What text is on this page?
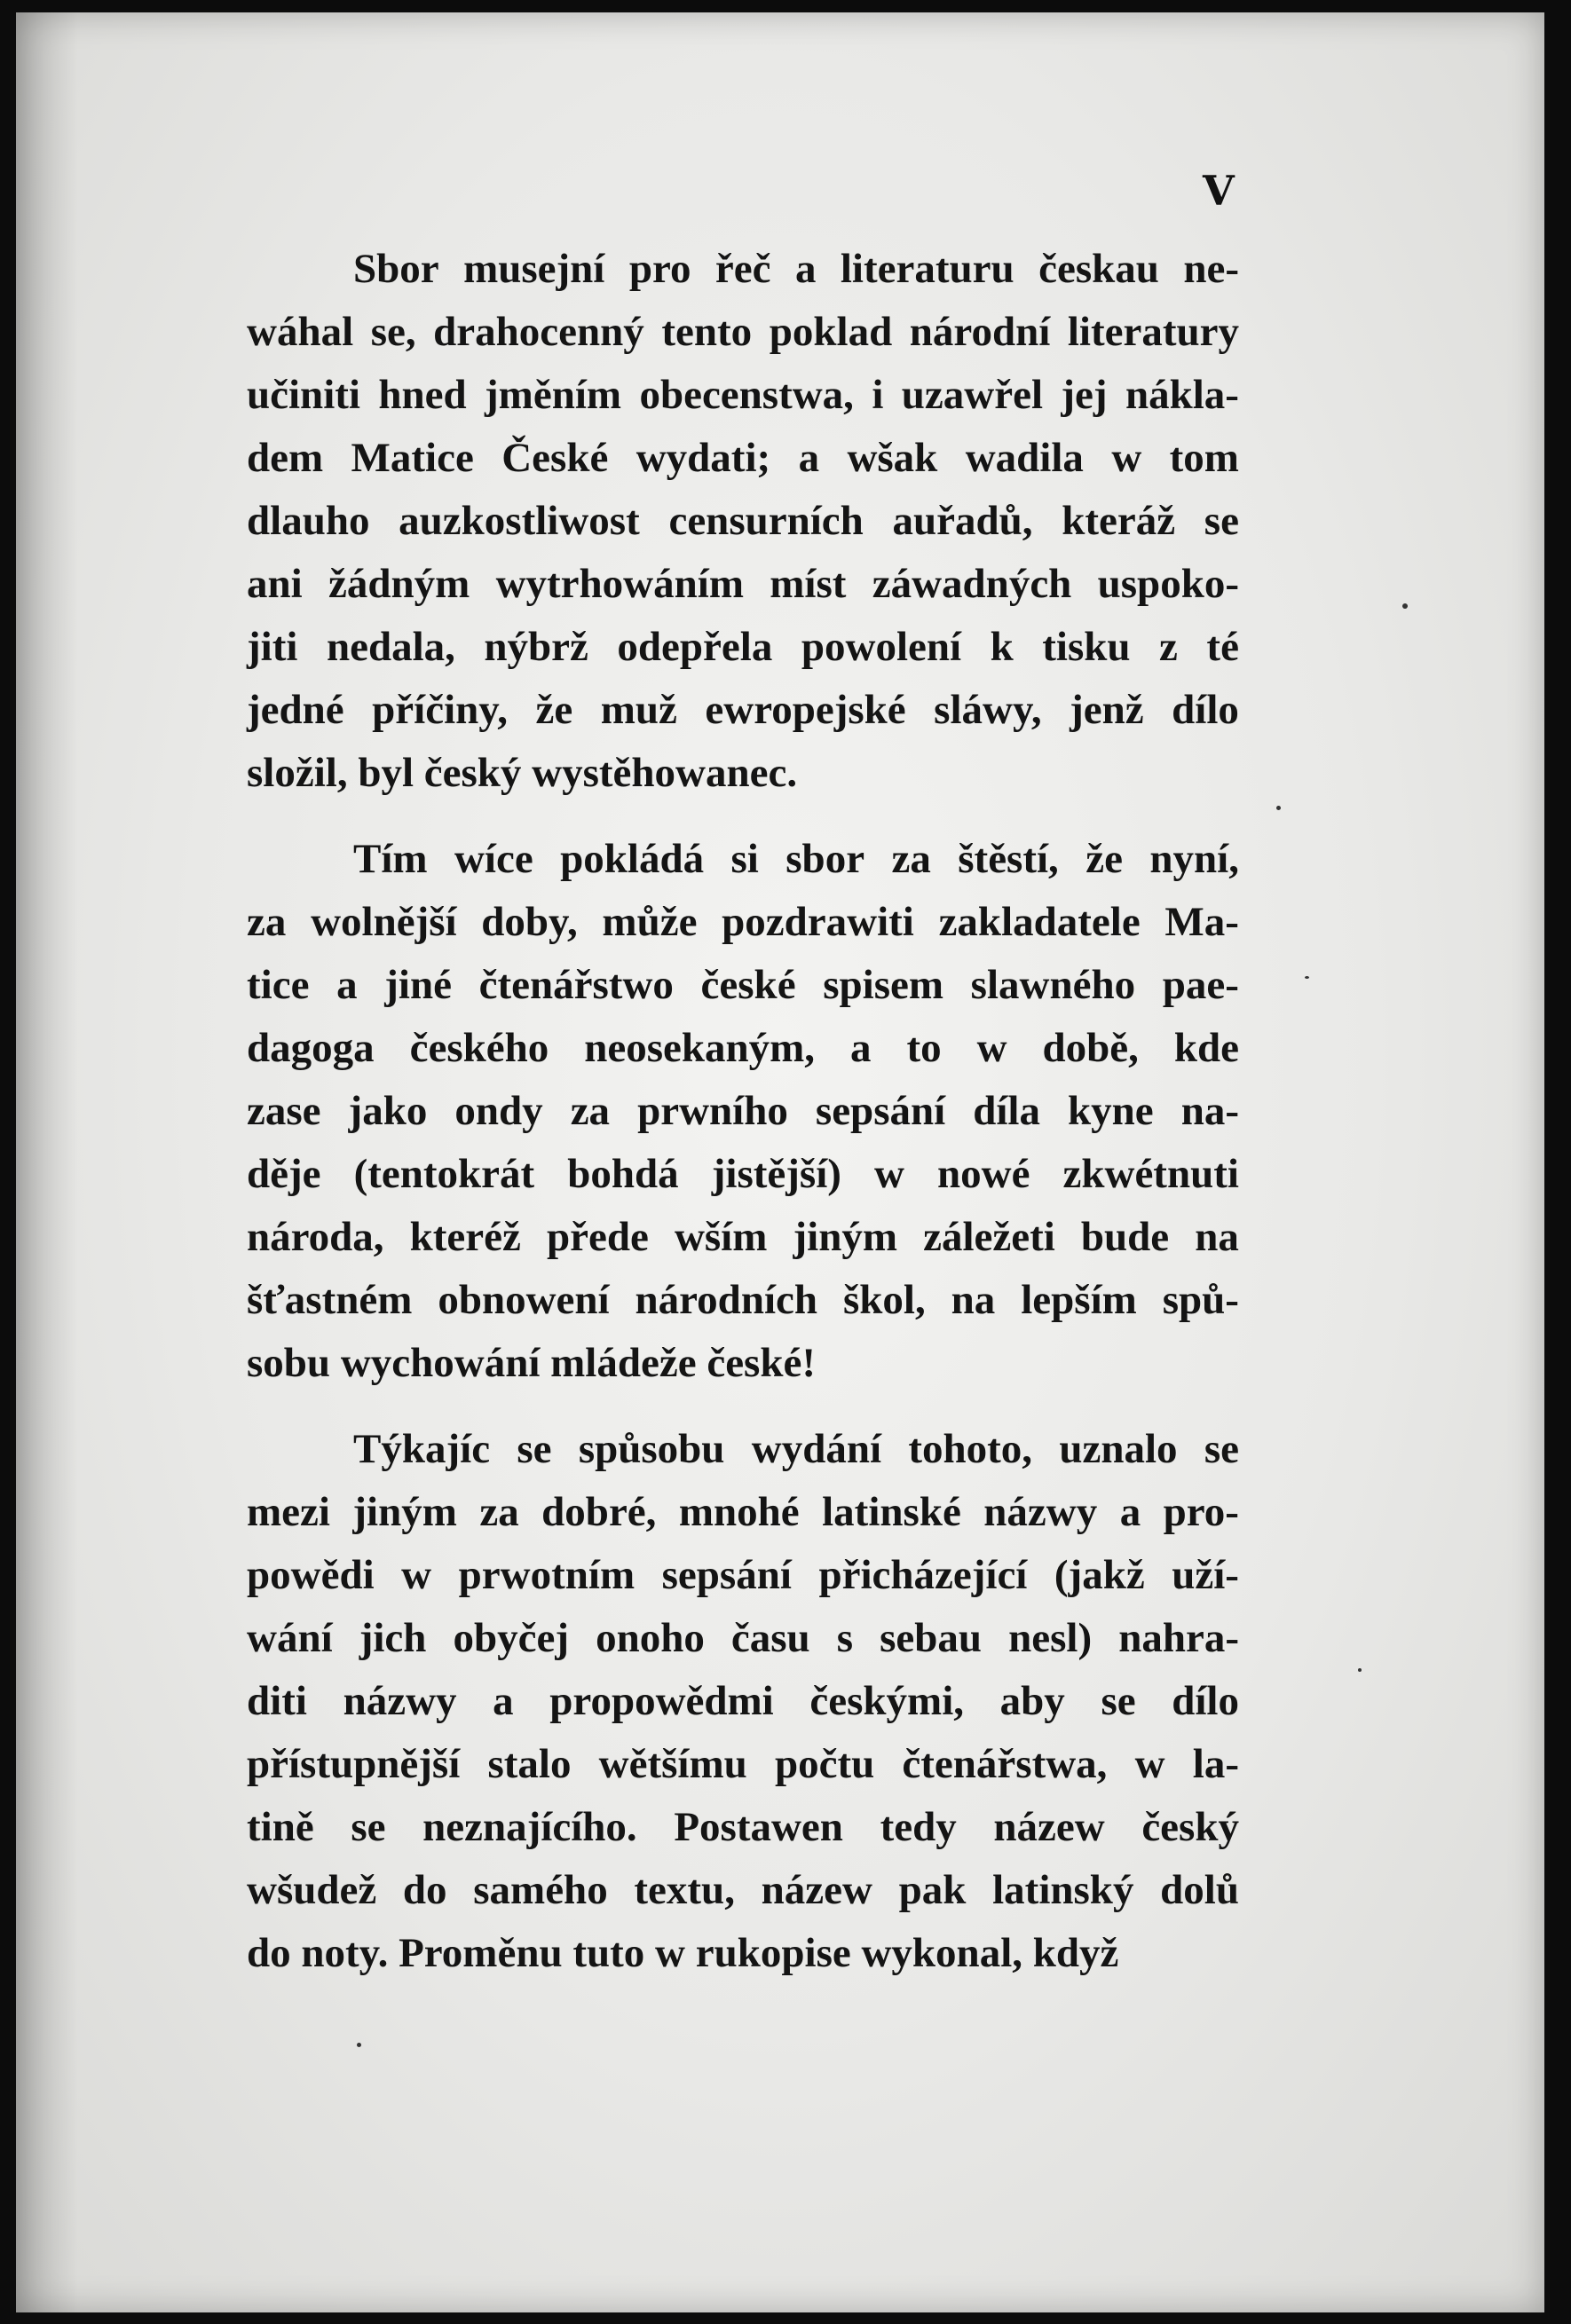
V
Sbor musejní pro řeč a literaturu českau ne-
wáhal se, drahocenný tento poklad národní literatury
učiniti hned jměním obecenstwa, i uzawřel jej nákla-
dem Matice České wydati; a wšak wadila w tom
dlauho auzkostliwost censurních auřadů, kteráž se
ani žádným wytrhowáním míst záwadných uspoko-
jiti nedala, nýbrž odepřela powolení k tisku z té
jedné příčiny, že muž ewropejské sláwy, jenž dílo
složil, byl český wystěhowanec.
Tím wíce pokládá si sbor za štěstí, že nyní,
za wolnější doby, může pozdrawiti zakladatele Ma-
tice a jiné čtenářstwo české spisem slawného pae-
dagoga českého neosekaným, a to w době, kde
zase jako ondy za prwního sepsání díla kyne na-
děje (tentokrát bohdá jistější) w nowé zkwétnuti
národa, kteréž přede wším jiným záležeti bude na
šťastném obnowení národních škol, na lepším spů-
sobu wychowání mládeže české!
Týkajíc se spůsobu wydání tohoto, uznalo se
mezi jiným za dobré, mnohé latinské názwy a pro-
powědi w prwotním sepsání přicházející (jakž uží-
wání jich obyčej onoho času s sebau nesl) nahra-
diti názwy a propowědmi českými, aby se dílo
přístupnější stalo wětšímu počtu čtenářstwa, w la-
tině se neznajícího. Postawen tedy názew český
wšudež do samého textu, názew pak latinský dolů
do noty. Proměnu tuto w rukopise wykonal, když
